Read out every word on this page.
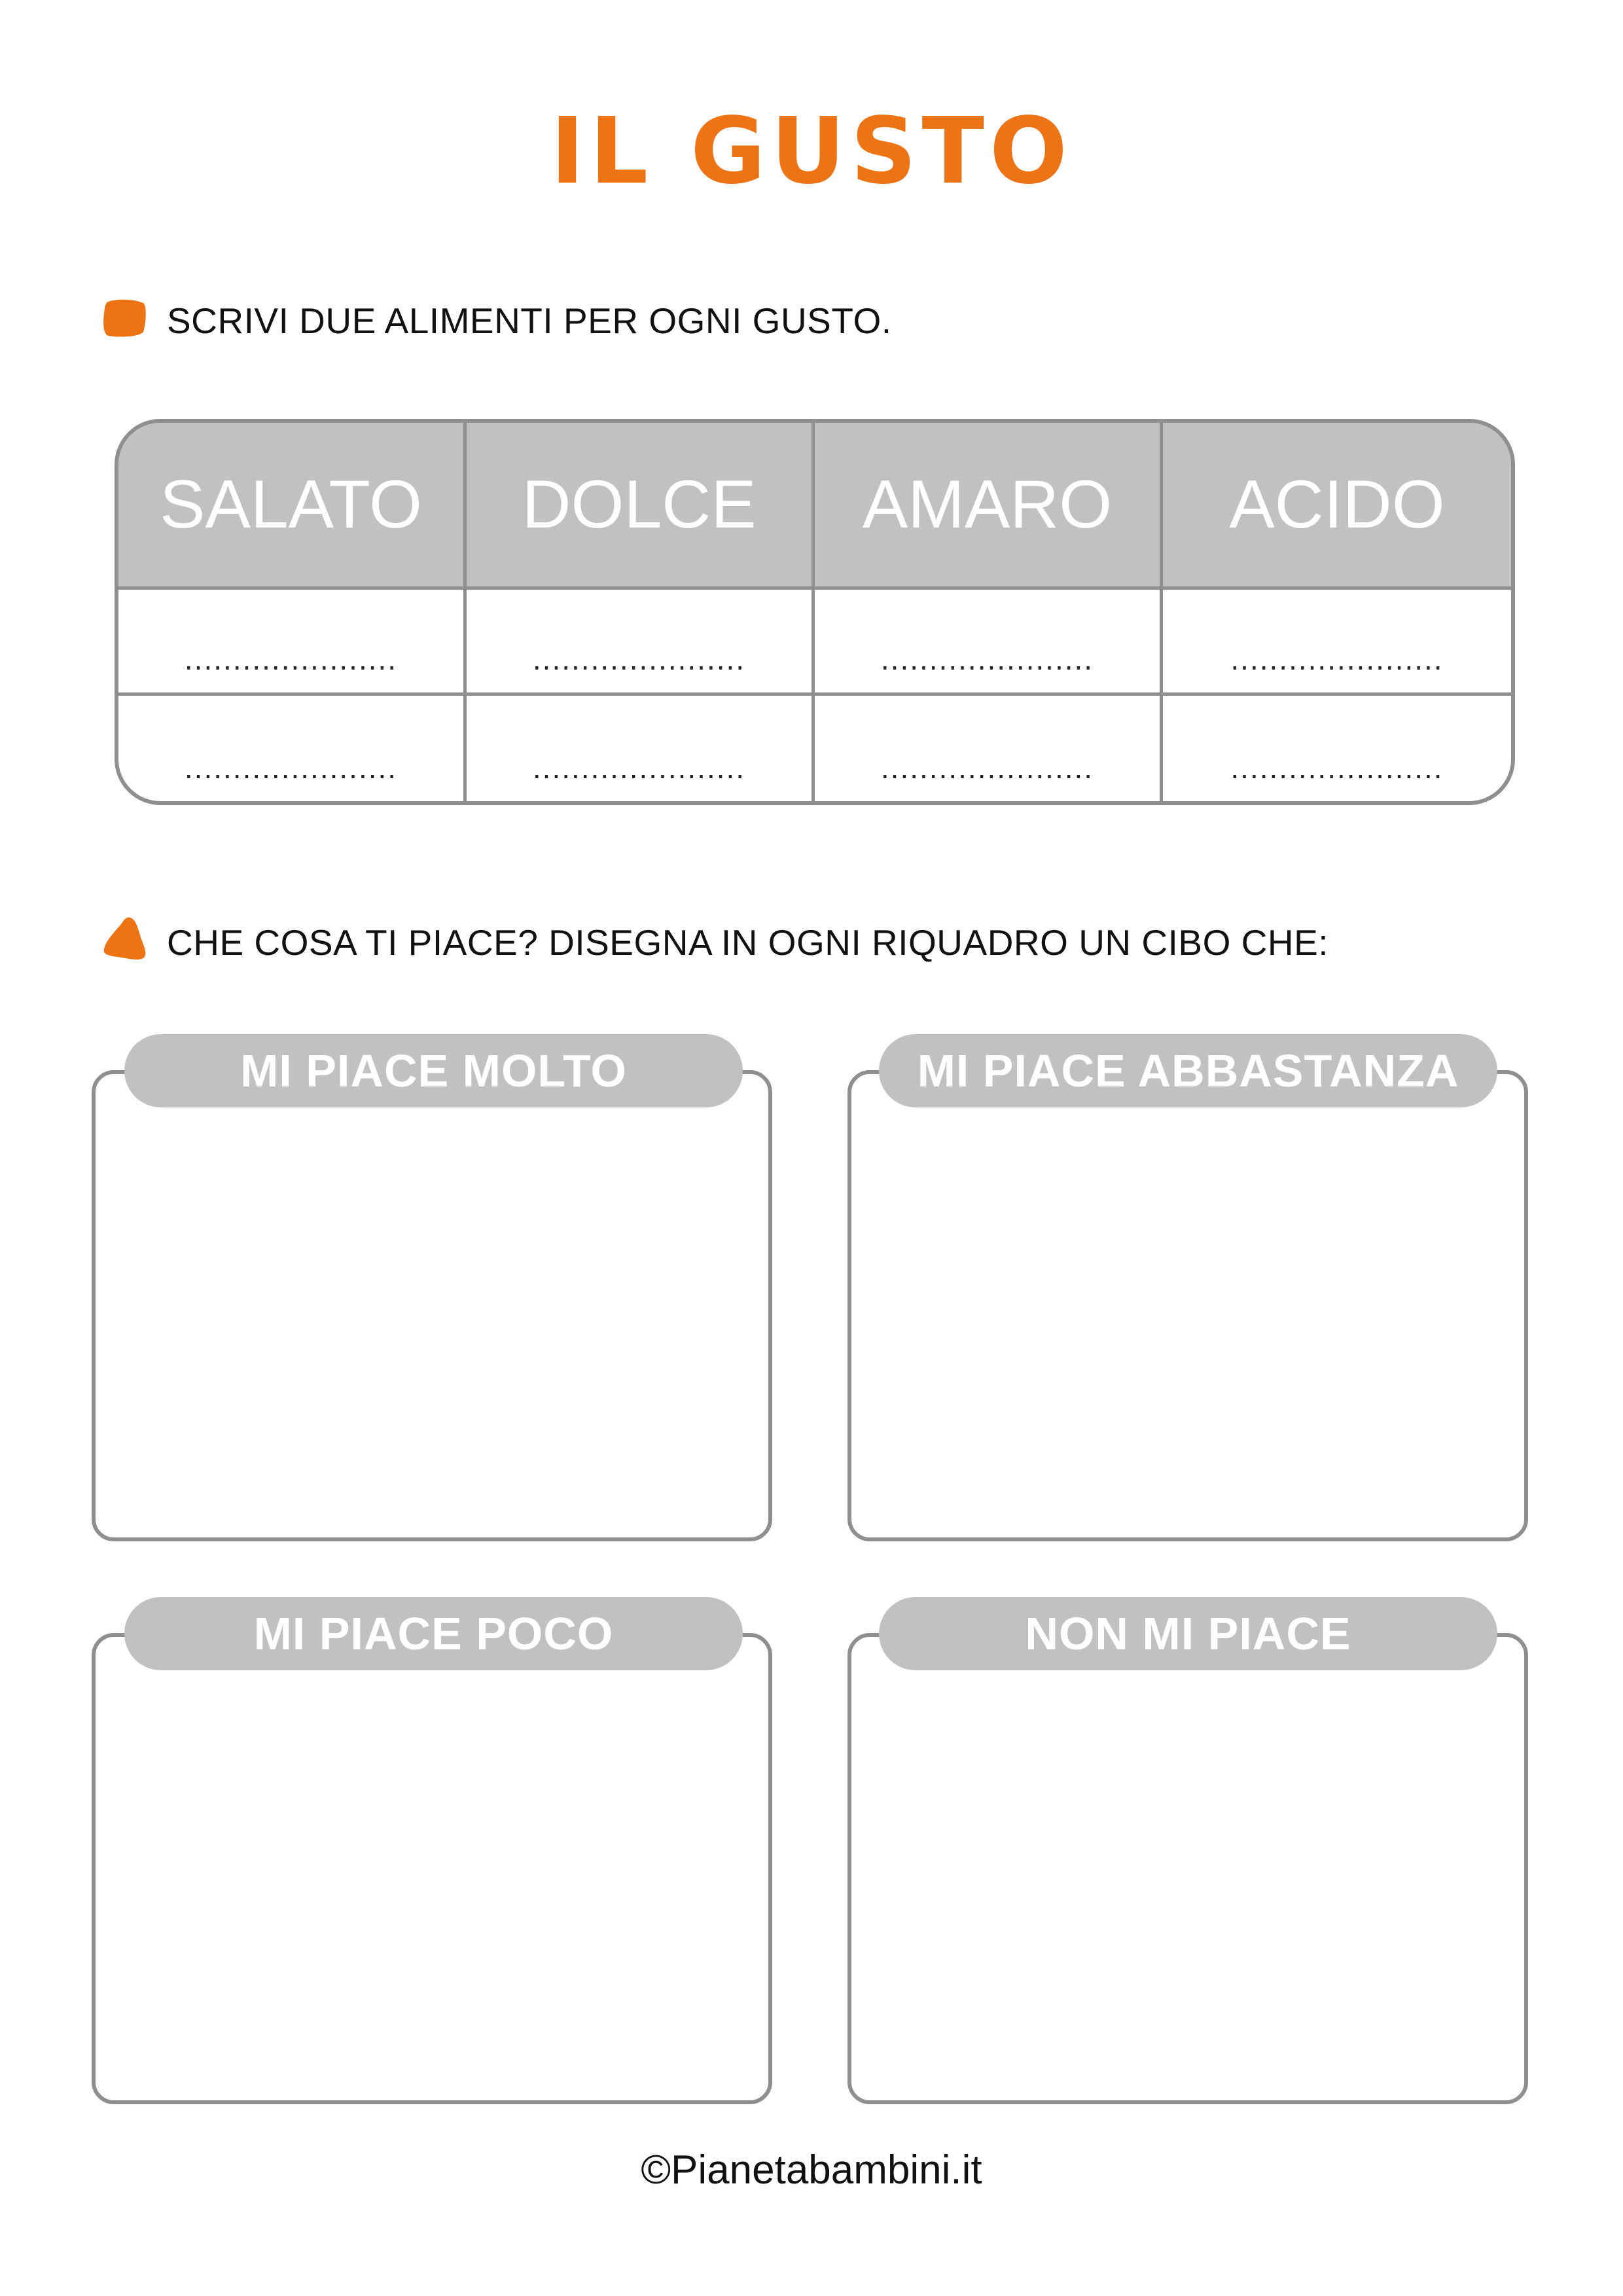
IL GUSTO
SCRIVI DUE ALIMENTI PER OGNI GUSTO.
SALATO	DOLCE	AMARO	ACIDO
......................	......................	......................	......................
......................	......................	......................	......................
CHE COSA TI PIACE? DISEGNA IN OGNI RIQUADRO UN CIBO CHE:
MI PIACE MOLTO	MI PIACE ABBASTANZA
MI PIACE POCO	NON MI PIACE
©Pianetabambini.it
